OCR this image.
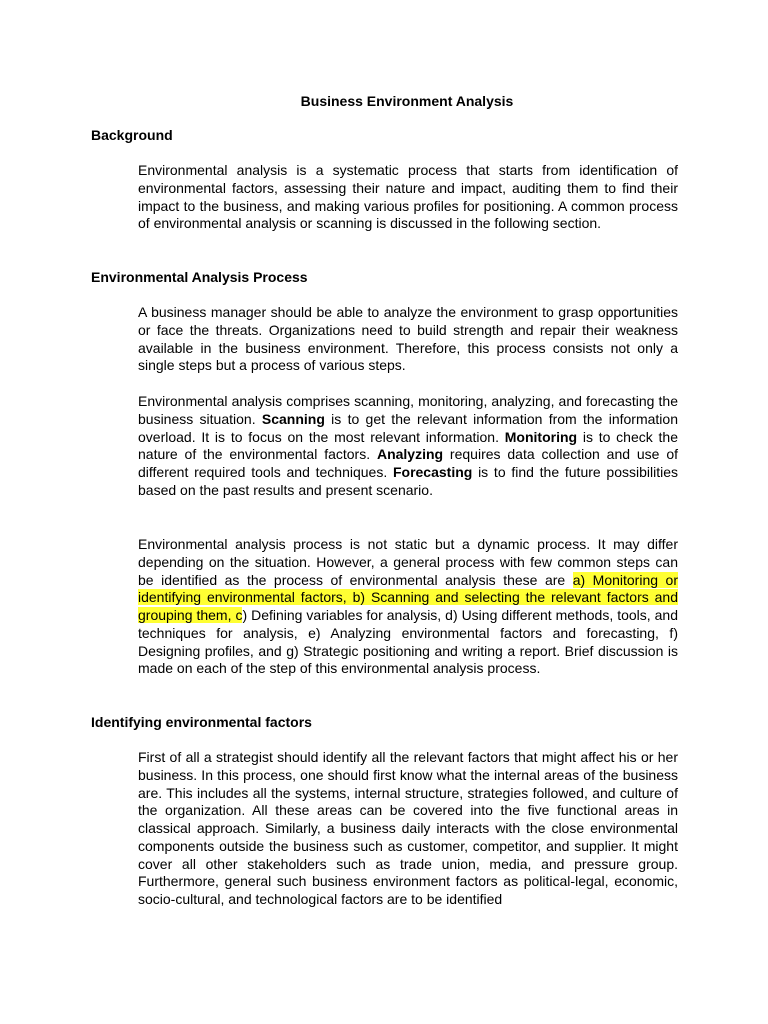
Business Environment Analysis
Background
Environmental analysis is a systematic process that starts from identification of environmental factors, assessing their nature and impact, auditing them to find their impact to the business, and making various profiles for positioning. A common process of environmental analysis or scanning is discussed in the following section.
Environmental Analysis Process
A business manager should be able to analyze the environment to grasp opportunities or face the threats. Organizations need to build strength and repair their weakness available in the business environment. Therefore, this process consists not only a single steps but a process of various steps.
Environmental analysis comprises scanning, monitoring, analyzing, and forecasting the business situation. Scanning is to get the relevant information from the information overload. It is to focus on the most relevant information. Monitoring is to check the nature of the environmental factors. Analyzing requires data collection and use of different required tools and techniques. Forecasting is to find the future possibilities based on the past results and present scenario.
Environmental analysis process is not static but a dynamic process. It may differ depending on the situation. However, a general process with few common steps can be identified as the process of environmental analysis these are a) Monitoring or identifying environmental factors, b) Scanning and selecting the relevant factors and grouping them, c) Defining variables for analysis, d) Using different methods, tools, and techniques for analysis, e) Analyzing environmental factors and forecasting, f) Designing profiles, and g) Strategic positioning and writing a report. Brief discussion is made on each of the step of this environmental analysis process.
Identifying environmental factors
First of all a strategist should identify all the relevant factors that might affect his or her business. In this process, one should first know what the internal areas of the business are. This includes all the systems, internal structure, strategies followed, and culture of the organization. All these areas can be covered into the five functional areas in classical approach. Similarly, a business daily interacts with the close environmental components outside the business such as customer, competitor, and supplier. It might cover all other stakeholders such as trade union, media, and pressure group. Furthermore, general such business environment factors as political-legal, economic, socio-cultural, and technological factors are to be identified
